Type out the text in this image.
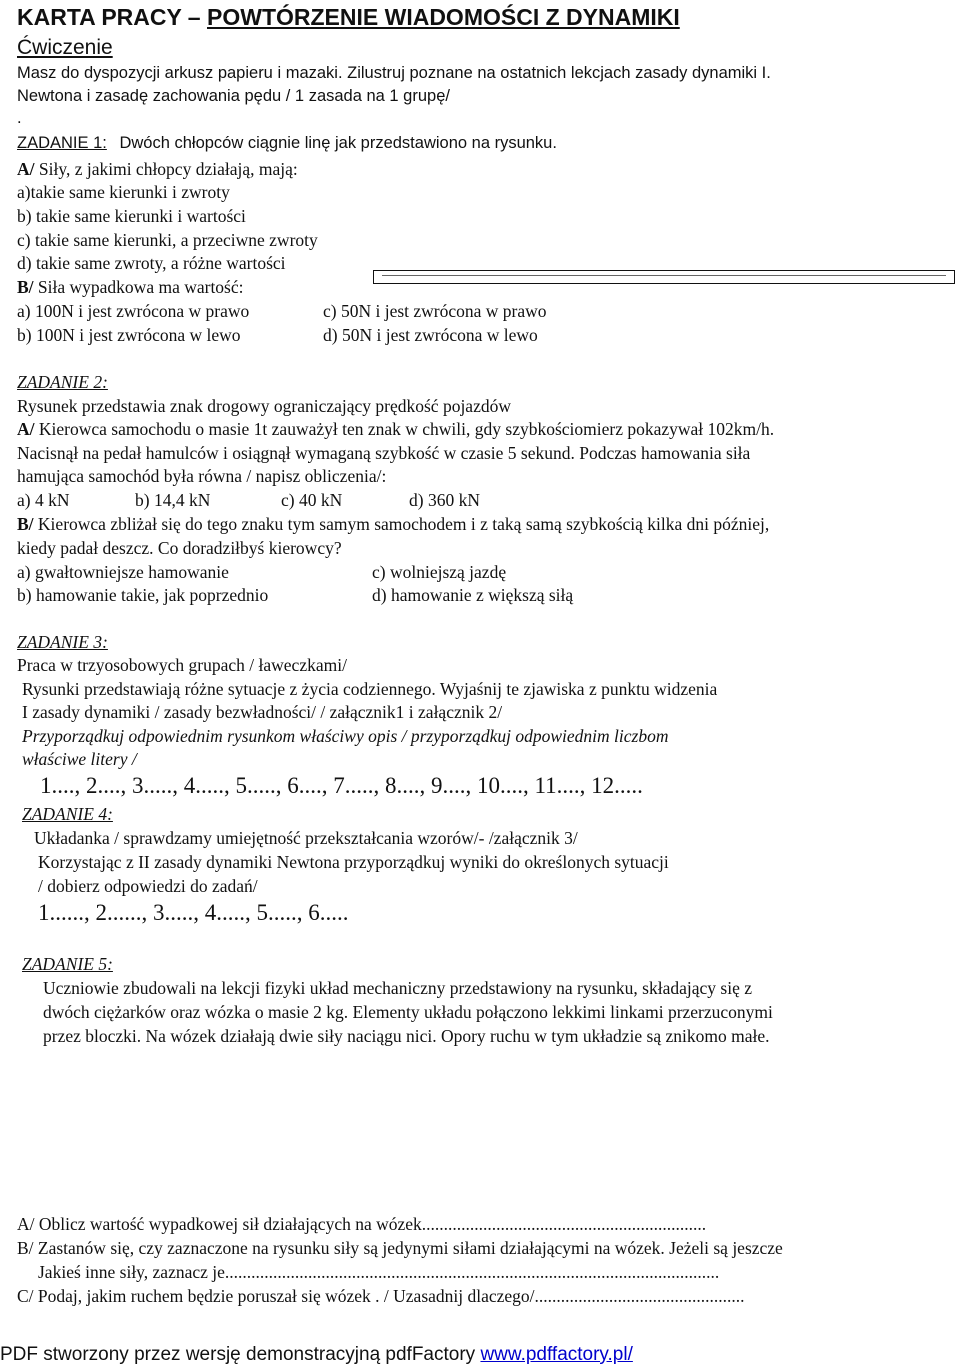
KARTA PRACY – POWTÓRZENIE WIADOMOŚCI Z DYNAMIKI
Ćwiczenie
Masz do dyspozycji arkusz papieru i mazaki. Zilustruj poznane na ostatnich lekcjach zasady dynamiki I.
Newtona i zasadę zachowania pędu / 1 zasada na 1 grupę/
.
ZADANIE 1: Dwóch chłopców ciągnie linę jak przedstawiono na rysunku.
A/ Siły, z jakimi chłopcy działają, mają:
a)takie same kierunki i zwroty
b) takie same kierunki i wartości
c) takie same kierunki, a przeciwne zwroty
d) takie same zwroty, a różne wartości
B/ Siła wypadkowa ma wartość:
a) 100N i jest zwrócona w prawo	c) 50N i jest zwrócona w prawo
b) 100N i jest zwrócona w lewo	d) 50N i jest zwrócona w lewo
ZADANIE 2:
Rysunek przedstawia znak drogowy ograniczający prędkość pojazdów
A/ Kierowca samochodu o masie 1t zauważył ten znak w chwili, gdy szybkościomierz pokazywał 102km/h.
Nacisnął na pedał hamulców i osiągnął wymaganą szybkość w czasie 5 sekund. Podczas hamowania siła
hamująca samochód była równa / napisz obliczenia/:
a) 4 kN	b) 14,4 kN	c) 40 kN	d) 360 kN
B/ Kierowca zbliżał się do tego znaku tym samym samochodem i z taką samą szybkością kilka dni później,
kiedy padał deszcz. Co doradziłbyś kierowcy?
a) gwałtowniejsze hamowanie	c) wolniejszą jazdę
b) hamowanie takie, jak poprzednio	d) hamowanie z większą siłą
ZADANIE 3:
Praca w trzyosobowych grupach / ławeczkami/
Rysunki przedstawiają różne sytuacje z życia codziennego. Wyjaśnij te zjawiska z punktu widzenia
I zasady dynamiki / zasady bezwładności/ / załącznik1 i załącznik 2/
Przyporządkuj odpowiednim rysunkom właściwy opis / przyporządkuj odpowiednim liczbom
właściwe litery /
1...., 2...., 3....., 4....., 5....., 6...., 7....., 8...., 9...., 10...., 11...., 12.....
ZADANIE 4:
Układanka / sprawdzamy umiejętność przekształcania wzorów/- /załącznik 3/
Korzystając z II zasady dynamiki Newtona przyporządkuj wyniki do określonych sytuacji
/ dobierz odpowiedzi do zadań/
1......, 2......, 3....., 4....., 5....., 6.....
ZADANIE 5:
Uczniowie zbudowali na lekcji fizyki układ mechaniczny przedstawiony na rysunku, składający się z
dwóch ciężarków oraz wózka o masie 2 kg. Elementy układu połączono lekkimi linkami przerzuconymi
przez bloczki. Na wózek działają dwie siły naciągu nici. Opory ruchu w tym układzie są znikomo małe.
A/ Oblicz wartość wypadkowej sił działających na wózek.................................................................
B/ Zastanów się, czy zaznaczone na rysunku siły są jedynymi siłami działającymi na wózek. Jeżeli są jeszcze
Jakieś inne siły, zaznacz je.................................................................................................................
C/ Podaj, jakim ruchem będzie poruszał się wózek . / Uzasadnij dlaczego/................................................
PDF stworzony przez wersję demonstracyjną pdfFactory www.pdffactory.pl/
